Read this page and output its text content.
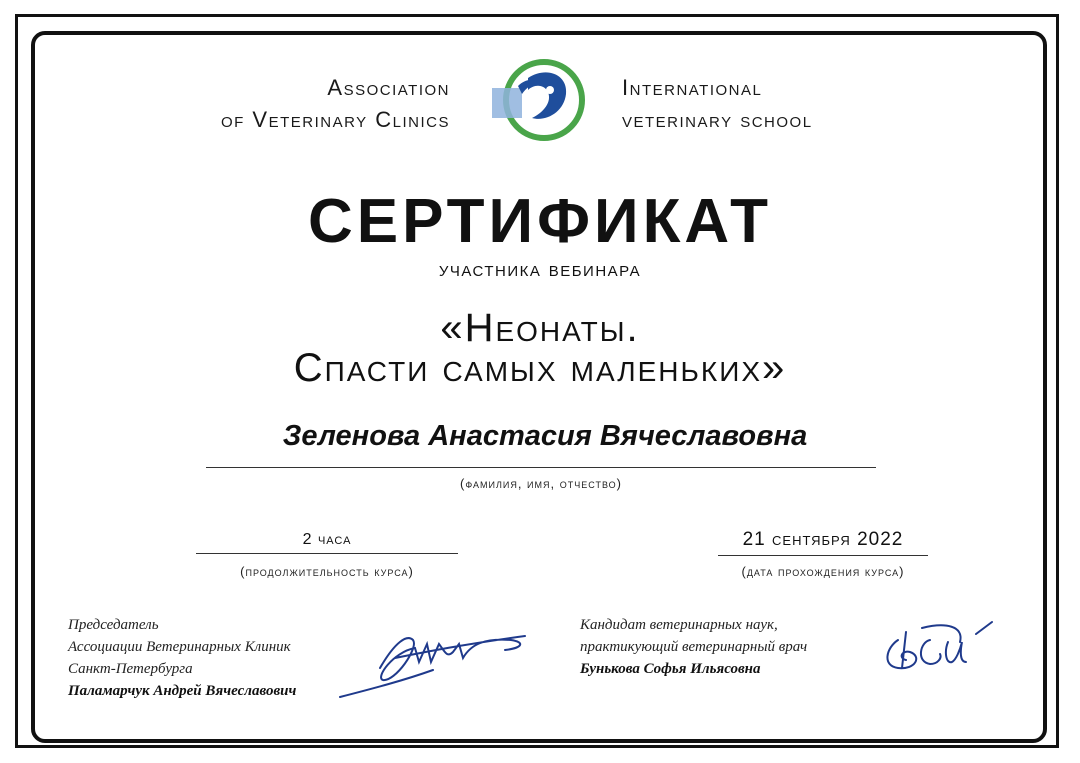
Association
of Veterinary Clinics
International
veterinary school
СЕРТИФИКАТ
участника вебинара
«Неонаты.
Спасти самых маленьких»
Зеленова Анастасия Вячеславовна
(фамилия, имя, отчество)
2 часа
(продолжительность курса)
21 сентября 2022
(дата прохождения курса)
Председатель
Ассоциации Ветеринарных Клиник
Санкт-Петербурга
Паламарчук Андрей Вячеславович
Кандидат ветеринарных наук,
практикующий ветеринарный врач
Бунькова Софья Ильясовна
